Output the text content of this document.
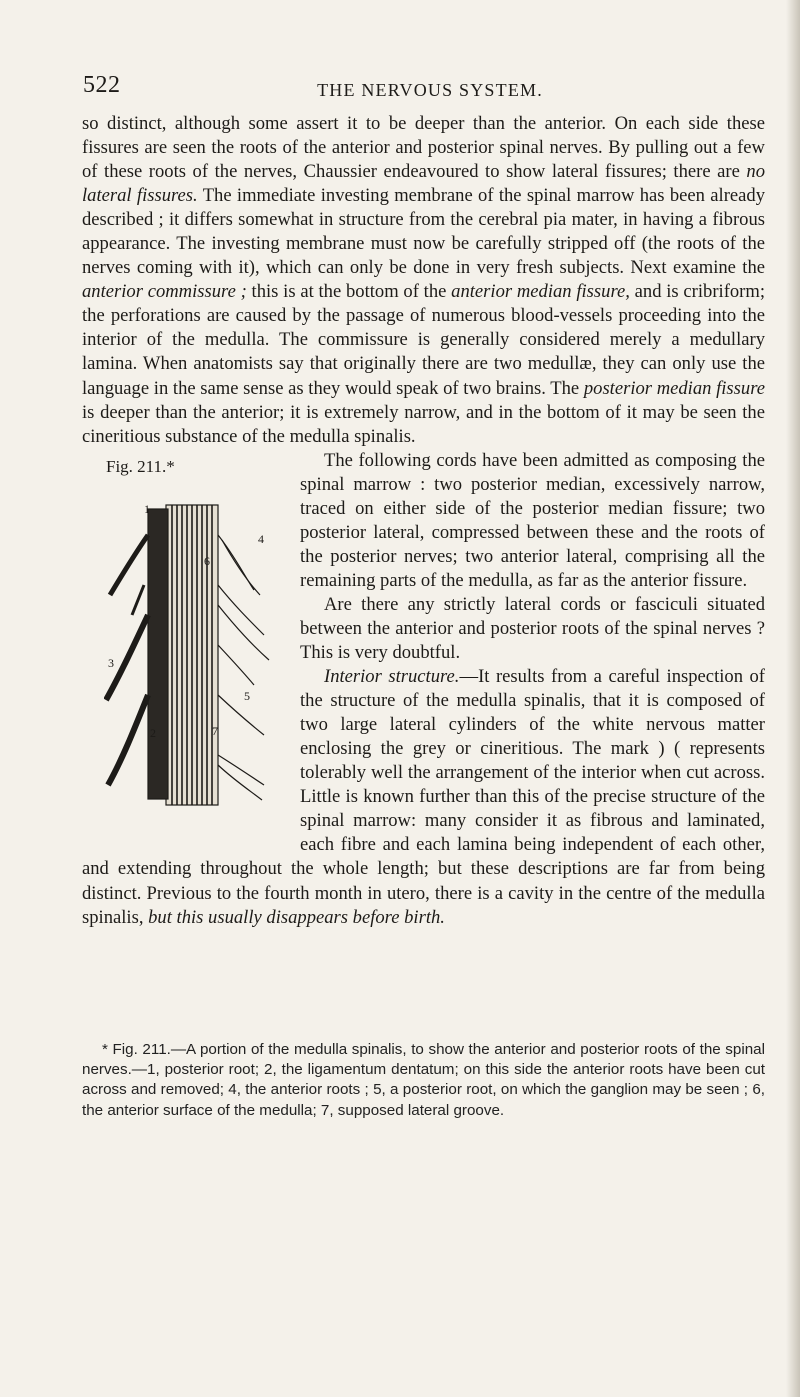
522	THE NERVOUS SYSTEM.

so distinct, although some assert it to be deeper than the anterior. On each side these fissures are seen the roots of the anterior and posterior spinal nerves. By pulling out a few of these roots of the nerves, Chaussier endeavoured to show lateral fissures; there are no lateral fissures. The immediate investing membrane of the spinal marrow has been already described ; it differs somewhat in structure from the cerebral pia mater, in having a fibrous appearance. The investing membrane must now be carefully stripped off (the roots of the nerves coming with it), which can only be done in very fresh subjects. Next examine the anterior commissure ; this is at the bottom of the anterior median fissure, and is cribriform; the perforations are caused by the passage of numerous blood-vessels proceeding into the interior of the medulla. The commissure is generally considered merely a medullary lamina. When anatomists say that originally there are two medullæ, they can only use the language in the same sense as they would speak of two brains. The posterior median fissure is deeper than the anterior; it is extremely narrow, and in the bottom of it may be seen the cineritious substance of the medulla spinalis.

Fig. 211.*
1
2
3
4
5
6
7

The following cords have been admitted as composing the spinal marrow : two posterior median, excessively narrow, traced on either side of the posterior median fissure; two posterior lateral, compressed between these and the roots of the posterior nerves; two anterior lateral, comprising all the remaining parts of the medulla, as far as the anterior fissure.

Are there any strictly lateral cords or fasciculi situated between the anterior and posterior roots of the spinal nerves ? This is very doubtful.

Interior structure.—It results from a careful inspection of the structure of the medulla spinalis, that it is composed of two large lateral cylinders of the white nervous matter enclosing the grey or cineritious. The mark ) ( represents tolerably well the arrangement of the interior when cut across. Little is known further than this of the precise structure of the spinal marrow: many consider it as fibrous and laminated, each fibre and each lamina being independent of each other, and extending throughout the whole length; but these descriptions are far from being distinct. Previous to the fourth month in utero, there is a cavity in the centre of the medulla spinalis, but this usually disappears before birth.

* Fig. 211.—A portion of the medulla spinalis, to show the anterior and posterior roots of the spinal nerves.—1, posterior root; 2, the ligamentum dentatum; on this side the anterior roots have been cut across and removed; 4, the anterior roots ; 5, a posterior root, on which the ganglion may be seen ; 6, the anterior surface of the medulla; 7, supposed lateral groove.
